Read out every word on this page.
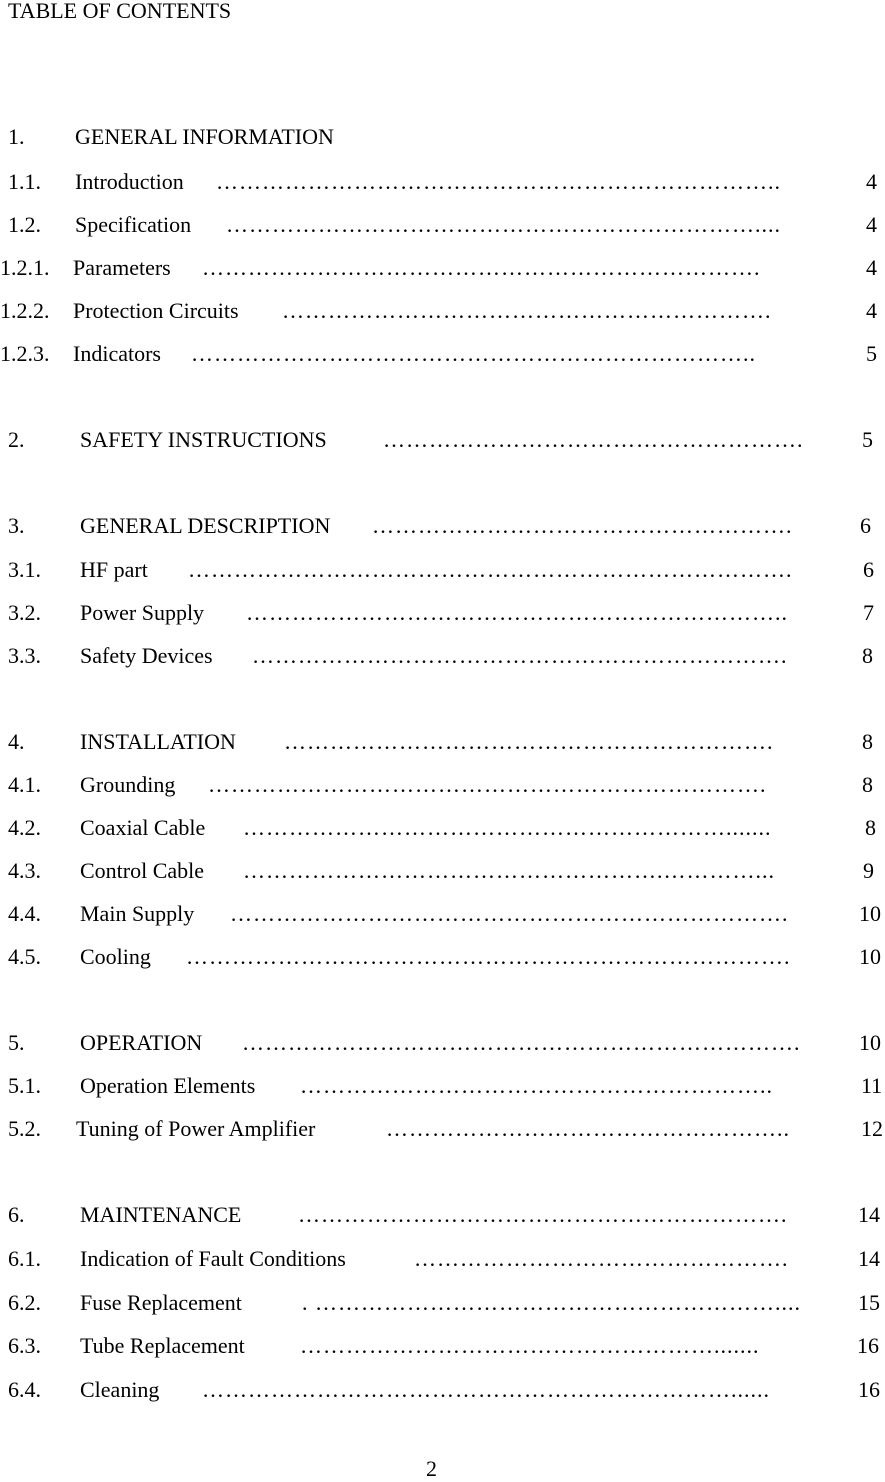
TABLE OF CONTENTS
1. GENERAL INFORMATION
1.1. Introduction ………………………………………………………………..	4
1.2. Specification ……………………………………………………………....	4
1.2.1. Parameters ……………………………………………………………….	4
1.2.2. Protection Circuits ……………………………………………………….	4
1.2.3. Indicators ………………………………………………………………..	5
2.	SAFETY INSTRUCTIONS	……………………………………………….	5
3.	GENERAL DESCRIPTION ……………………………………………….	6
3.1. HF part …………………………………………………………………….	6
3.2. Power Supply ……………………………………………………………..	7
3.3. Safety Devices …………………………………………………………….	8
4.	INSTALLATION ……………………………………………………….	8
4.1. Grounding ……………………………………………………………….	8
4.2. Coaxial Cable ……………………………………………………….......	8
4.3. Control Cable ……………………………………………….…………...	9
4.4. Main Supply ……………………………………………………………….	10
4.5. Cooling …………………………………………………………………….	10
5.	OPERATION ……………………………………………………………….	10
5.1. Operation Elements ……………………………………………………..	11
5.2. Tuning of Power Amplifier	……………………………………………..	12
6.	MAINTENANCE	……………………………………………………….	14
6.1. Indication of Fault Conditions	………………………………………….	14
6.2. Fuse Replacement	. ……………………………………………………....	15
6.3. Tube Replacement	……………………………………………….......	16
6.4. Cleaning ……………………………………………………………......	16
2
